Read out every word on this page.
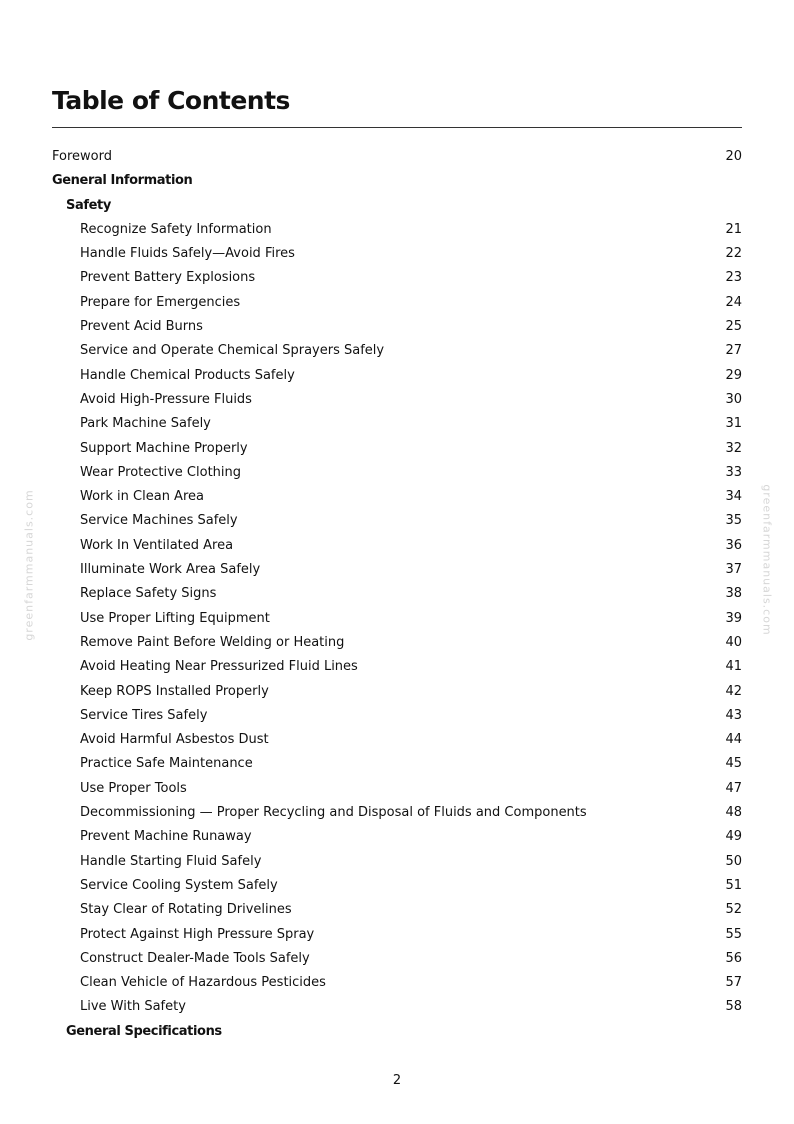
Table of Contents
Foreword	20
General Information
Safety
Recognize Safety Information	21
Handle Fluids Safely—Avoid Fires	22
Prevent Battery Explosions	23
Prepare for Emergencies	24
Prevent Acid Burns	25
Service and Operate Chemical Sprayers Safely	27
Handle Chemical Products Safely	29
Avoid High-Pressure Fluids	30
Park Machine Safely	31
Support Machine Properly	32
Wear Protective Clothing	33
Work in Clean Area	34
Service Machines Safely	35
Work In Ventilated Area	36
Illuminate Work Area Safely	37
Replace Safety Signs	38
Use Proper Lifting Equipment	39
Remove Paint Before Welding or Heating	40
Avoid Heating Near Pressurized Fluid Lines	41
Keep ROPS Installed Properly	42
Service Tires Safely	43
Avoid Harmful Asbestos Dust	44
Practice Safe Maintenance	45
Use Proper Tools	47
Decommissioning — Proper Recycling and Disposal of Fluids and Components	48
Prevent Machine Runaway	49
Handle Starting Fluid Safely	50
Service Cooling System Safely	51
Stay Clear of Rotating Drivelines	52
Protect Against High Pressure Spray	55
Construct Dealer-Made Tools Safely	56
Clean Vehicle of Hazardous Pesticides	57
Live With Safety	58
General Specifications
2
greenfarmmanuals.com	greenfarmmanuals.com
